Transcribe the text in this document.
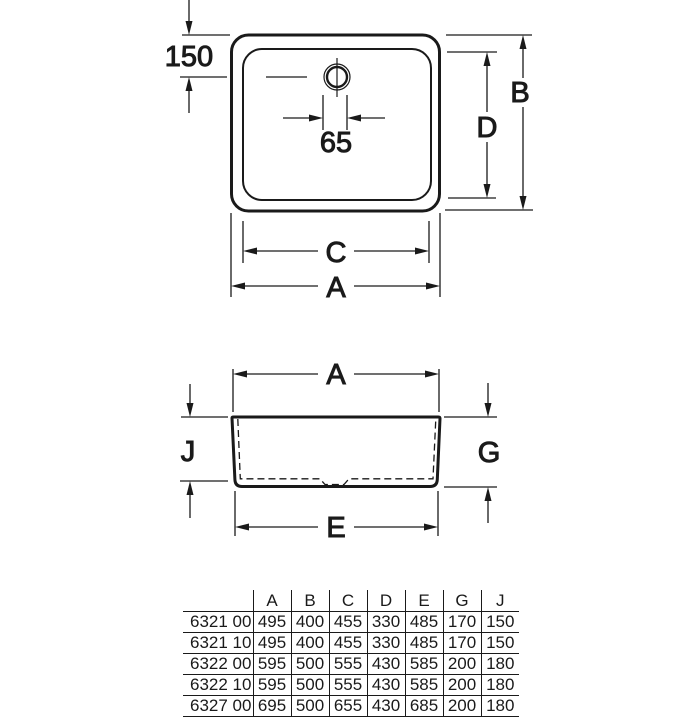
150
65
C
A
B
D
A
J	G
E
	A	B	C	D	E	G	J
6321 00	495	400	455	330	485	170	150
6321 10	495	400	455	330	485	170	150
6322 00	595	500	555	430	585	200	180
6322 10	595	500	555	430	585	200	180
6327 00	695	500	655	430	685	200	180
